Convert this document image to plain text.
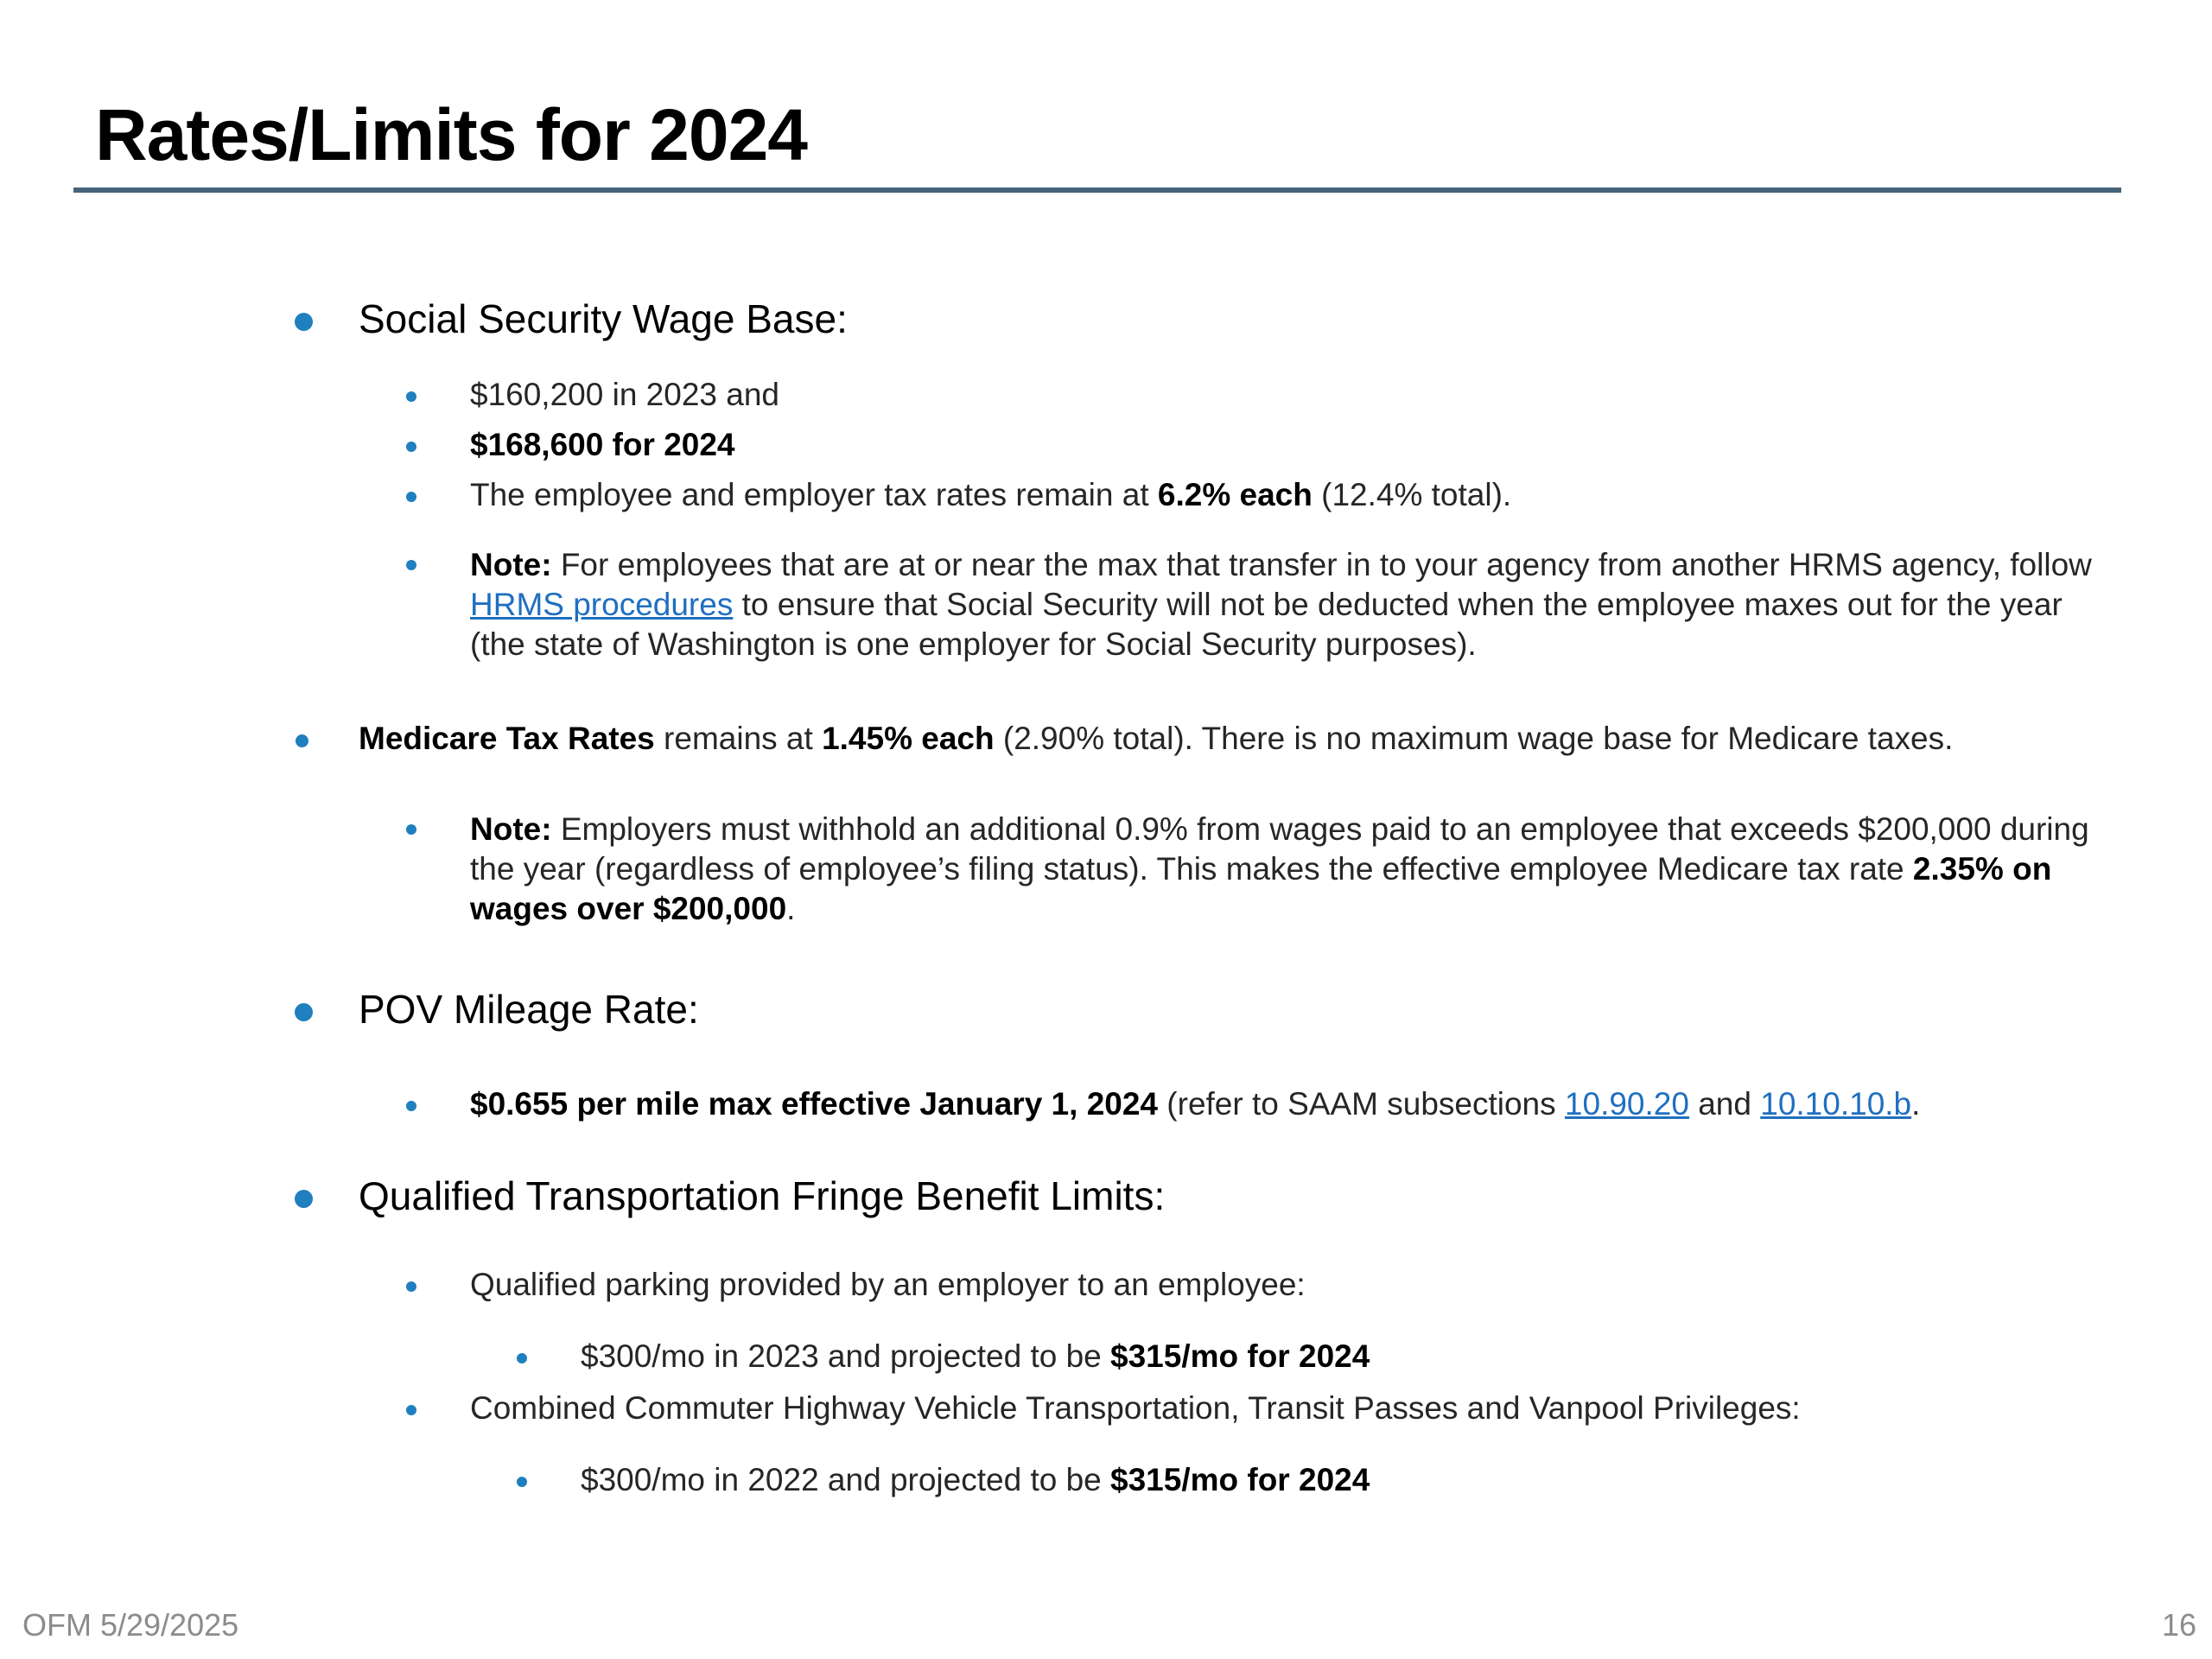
Rates/Limits for 2024
Social Security Wage Base:
$160,200 in 2023 and
$168,600 for 2024
The employee and employer tax rates remain at 6.2% each (12.4% total).
Note: For employees that are at or near the max that transfer in to your agency from another HRMS agency, follow HRMS procedures to ensure that Social Security will not be deducted when the employee maxes out for the year (the state of Washington is one employer for Social Security purposes).
Medicare Tax Rates remains at 1.45% each (2.90% total). There is no maximum wage base for Medicare taxes.
Note: Employers must withhold an additional 0.9% from wages paid to an employee that exceeds $200,000 during the year (regardless of employee’s filing status). This makes the effective employee Medicare tax rate 2.35% on wages over $200,000.
POV Mileage Rate:
$0.655 per mile max effective January 1, 2024 (refer to SAAM subsections 10.90.20 and 10.10.10.b.
Qualified Transportation Fringe Benefit Limits:
Qualified parking provided by an employer to an employee:
$300/mo in 2023 and projected to be $315/mo for 2024
Combined Commuter Highway Vehicle Transportation, Transit Passes and Vanpool Privileges:
$300/mo in 2022 and projected to be $315/mo for 2024
OFM 5/29/2025	16
